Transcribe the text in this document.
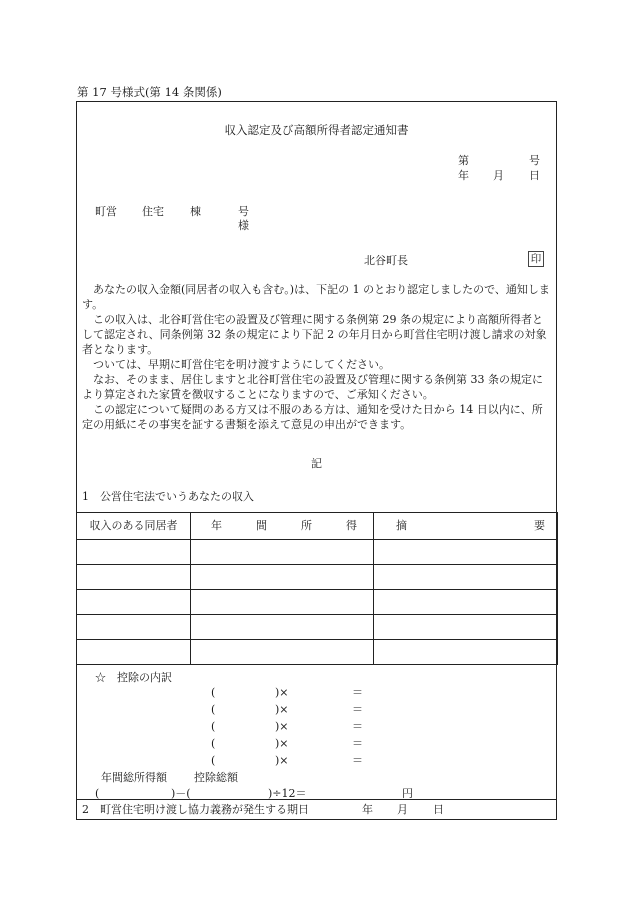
第 17 号様式(第 14 条関係)
収入認定及び高額所得者認定通知書
第	号
年 月 日
町営 住宅 棟	号
様
北谷町長	印

あなたの収入金額(同居者の収入も含む。)は、下記の 1 のとおり認定しましたので、通知します。

この収入は、北谷町営住宅の設置及び管理に関する条例第 29 条の規定により高額所得者として認定され、同条例第 32 条の規定により下記 2 の年月日から町営住宅明け渡し請求の対象者となります。

ついては、早期に町営住宅を明け渡すようにしてください。

なお、そのまま、居住しますと北谷町営住宅の設置及び管理に関する条例第 33 条の規定により算定された家賃を徴収することになりますので、ご承知ください。

この認定について疑問のある方又は不服のある方は、通知を受けた日から 14 日以内に、所定の用紙にその事実を証する書類を添えて意見の申出ができます。

記
1　公営住宅法でいうあなたの収入
収入のある同居者	年 間 所 得	摘 要

☆　控除の内訳
(	)×	＝
(	)×	＝
(	)×	＝
(	)×	＝
(	)×	＝
年間総所得額 控除総額
(	)－(	)÷12＝	円
2　町営住宅明け渡し協力義務が発生する期日	年 月 日
